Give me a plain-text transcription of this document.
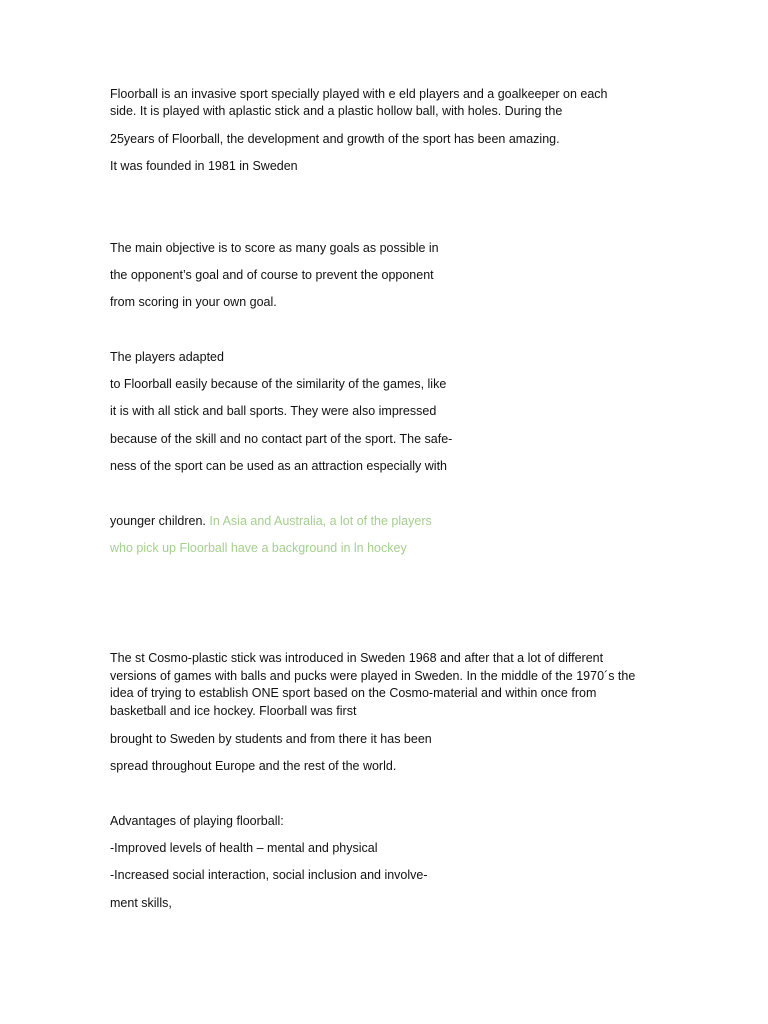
Floorball is an invasive sport specially played with e eld players and a goalkeeper on each
side. It is played with aplastic stick and a plastic hollow ball, with holes. During the
25years of Floorball, the development and growth of the sport has been amazing.
It was founded in 1981 in Sweden
The main objective is to score as many goals as possible in
the opponent’s goal and of course to prevent the opponent
from scoring in your own goal.
The players adapted
to Floorball easily because of the similarity of the games, like
it is with all stick and ball sports. They were also impressed
because of the skill and no contact part of the sport. The safe-
ness of the sport can be used as an attraction especially with
younger children. In Asia and Australia, a lot of the players
who pick up Floorball have a background in ln hockey
The st Cosmo-plastic stick was introduced in Sweden 1968 and after that a lot of different
versions of games with balls and pucks were played in Sweden. In the middle of the 1970´s the
idea of trying to establish ONE sport based on the Cosmo-material and within once from
basketball and ice hockey. Floorball was first
brought to Sweden by students and from there it has been
spread throughout Europe and the rest of the world.
Advantages of playing floorball:
-Improved levels of health – mental and physical
-Increased social interaction, social inclusion and involve-
ment skills,
